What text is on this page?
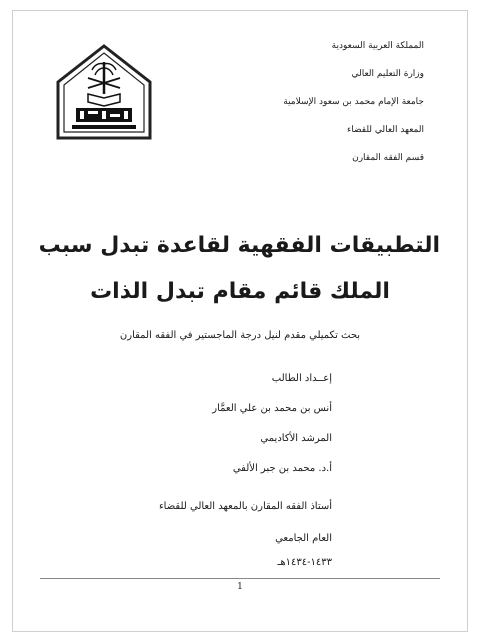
المملكة العربية السعودية
وزارة التعليم العالي
جامعة الإمام محمد بن سعود الإسلامية
المعهد العالي للقضاء
قسم الفقه المقارن
التطبيقات الفقهية لقاعدة تبدل سبب
الملك قائم مقام تبدل الذات
بحث تكميلي مقدم لنيل درجة الماجستير في الفقه المقارن
إعــداد الطالب
أنس بن محمد بن علي العمَّار
المرشد الأكاديمي
أ.د. محمد بن جبر الألفي
أستاذ الفقه المقارن بالمعهد العالي للقضاء
العام الجامعي
١٤٣٣-١٤٣٤هـ
1
